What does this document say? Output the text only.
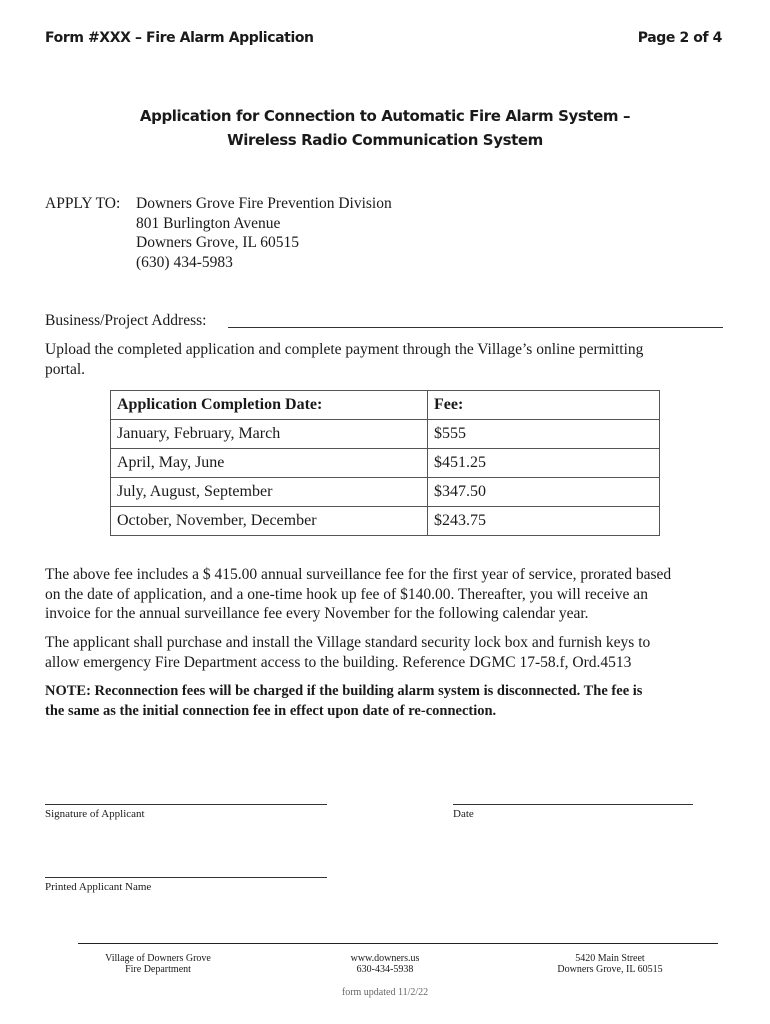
Form #XXX – Fire Alarm Application	Page 2 of 4
Application for Connection to Automatic Fire Alarm System –
Wireless Radio Communication System
APPLY TO: Downers Grove Fire Prevention Division
801 Burlington Avenue
Downers Grove, IL 60515
(630) 434-5983
Business/Project Address:
Upload the completed application and complete payment through the Village’s online permitting
portal.
Application Completion Date:	Fee:
January, February, March	$555
April, May, June	$451.25
July, August, September	$347.50
October, November, December	$243.75
The above fee includes a $ 415.00 annual surveillance fee for the first year of service, prorated based
on the date of application, and a one-time hook up fee of $140.00. Thereafter, you will receive an
invoice for the annual surveillance fee every November for the following calendar year.
The applicant shall purchase and install the Village standard security lock box and furnish keys to
allow emergency Fire Department access to the building. Reference DGMC 17-58.f, Ord.4513
NOTE: Reconnection fees will be charged if the building alarm system is disconnected. The fee is
the same as the initial connection fee in effect upon date of re-connection.
Signature of Applicant	Date
Printed Applicant Name
Village of Downers Grove
Fire Department
www.downers.us
630-434-5938
5420 Main Street
Downers Grove, IL 60515
form updated 11/2/22
